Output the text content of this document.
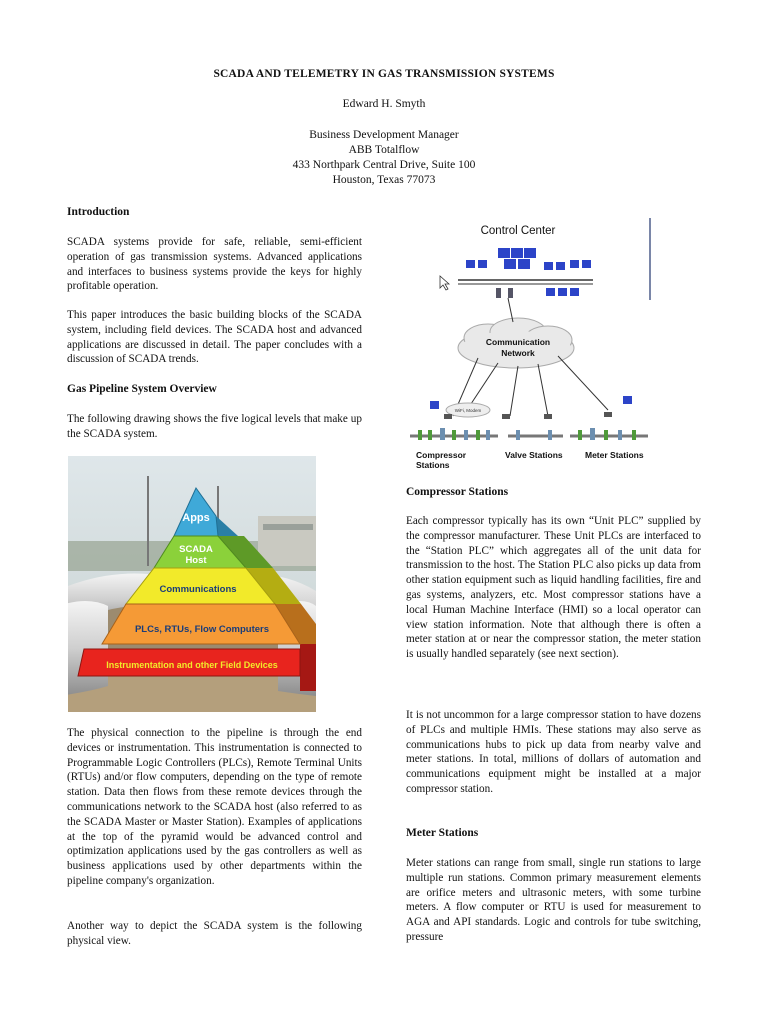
SCADA AND TELEMETRY IN GAS TRANSMISSION SYSTEMS
Edward H. Smyth
Business Development Manager
ABB Totalflow
433 Northpark Central Drive, Suite 100
Houston, Texas 77073
Introduction

SCADA systems provide for safe, reliable, semi-efficient operation of gas transmission systems. Advanced applications and interfaces to business systems provide the keys for highly profitable operation.

This paper introduces the basic building blocks of the SCADA system, including field devices. The SCADA host and advanced applications are discussed in detail. The paper concludes with a discussion of SCADA trends.

Gas Pipeline System Overview

The following drawing shows the five logical levels that make up the SCADA system.

Apps
SCADA Host
Communications
PLCs, RTUs, Flow Computers
Instrumentation and other Field Devices

The physical connection to the pipeline is through the end devices or instrumentation. This instrumentation is connected to Programmable Logic Controllers (PLCs), Remote Terminal Units (RTUs) and/or flow computers, depending on the type of remote station. Data then flows from these remote devices through the communications network to the SCADA host (also referred to as the SCADA Master or Master Station). Examples of applications at the top of the pyramid would be advanced control and optimization applications used by the gas controllers as well as business applications used by other departments within the pipeline company's organization.

Another way to depict the SCADA system is the following physical view.

Control Center
Communication Network
WiFi, Modem
Compressor Stations
Valve Stations	Meter Stations
Compressor Stations

Each compressor typically has its own “Unit PLC” supplied by the compressor manufacturer. These Unit PLCs are interfaced to the “Station PLC” which aggregates all of the unit data for transmission to the host. The Station PLC also picks up data from other station equipment such as liquid handling facilities, fire and gas systems, analyzers, etc. Most compressor stations have a local Human Machine Interface (HMI) so a local operator can view station information. Note that although there is often a meter station at or near the compressor station, the meter station is usually handled separately (see next section).

It is not uncommon for a large compressor station to have dozens of PLCs and multiple HMIs. These stations may also serve as communications hubs to pick up data from nearby valve and meter stations. In total, millions of dollars of automation and communications equipment might be installed at a major compressor station.

Meter Stations

Meter stations can range from small, single run stations to large multiple run stations. Common primary measurement elements are orifice meters and ultrasonic meters, with some turbine meters. A flow computer or RTU is used for measurement to AGA and API standards. Logic and controls for tube switching, pressure
